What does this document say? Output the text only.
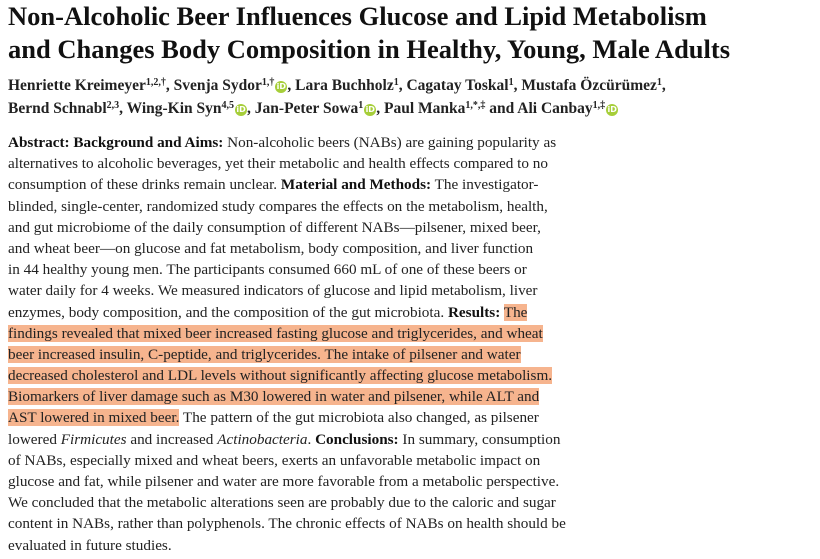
Non-Alcoholic Beer Influences Glucose and Lipid Metabolism
and Changes Body Composition in Healthy, Young, Male Adults
Henriette Kreimeyer$^{1,2,\dagger}$, Svenja Sydor$^{1,\dagger}$ iD, Lara Buchholz$^1$, Cagatay Toskal$^1$, Mustafa Özcürümez$^1$,
Bernd Schnabl$^{2,3}$, Wing-Kin Syn$^{4,5}$ iD, Jan-Peter Sowa$^1$ iD, Paul Manka$^{1,*,\ddagger}$ and Ali Canbay$^{1,\ddagger}$ iD
Abstract: Background and Aims: Non-alcoholic beers (NABs) are gaining popularity as
alternatives to alcoholic beverages, yet their metabolic and health effects compared to no
consumption of these drinks remain unclear. Material and Methods: The investigator-
blinded, single-center, randomized study compares the effects on the metabolism, health,
and gut microbiome of the daily consumption of different NABs—pilsener, mixed beer,
and wheat beer—on glucose and fat metabolism, body composition, and liver function
in 44 healthy young men. The participants consumed 660 mL of one of these beers or
water daily for 4 weeks. We measured indicators of glucose and lipid metabolism, liver
enzymes, body composition, and the composition of the gut microbiota. Results: The
findings revealed that mixed beer increased fasting glucose and triglycerides, and wheat
beer increased insulin, C-peptide, and triglycerides. The intake of pilsener and water
decreased cholesterol and LDL levels without significantly affecting glucose metabolism.
Biomarkers of liver damage such as M30 lowered in water and pilsener, while ALT and
AST lowered in mixed beer. The pattern of the gut microbiota also changed, as pilsener
lowered Firmicutes and increased Actinobacteria. Conclusions: In summary, consumption
of NABs, especially mixed and wheat beers, exerts an unfavorable metabolic impact on
glucose and fat, while pilsener and water are more favorable from a metabolic perspective.
We concluded that the metabolic alterations seen are probably due to the caloric and sugar
content in NABs, rather than polyphenols. The chronic effects of NABs on health should be
evaluated in future studies.
